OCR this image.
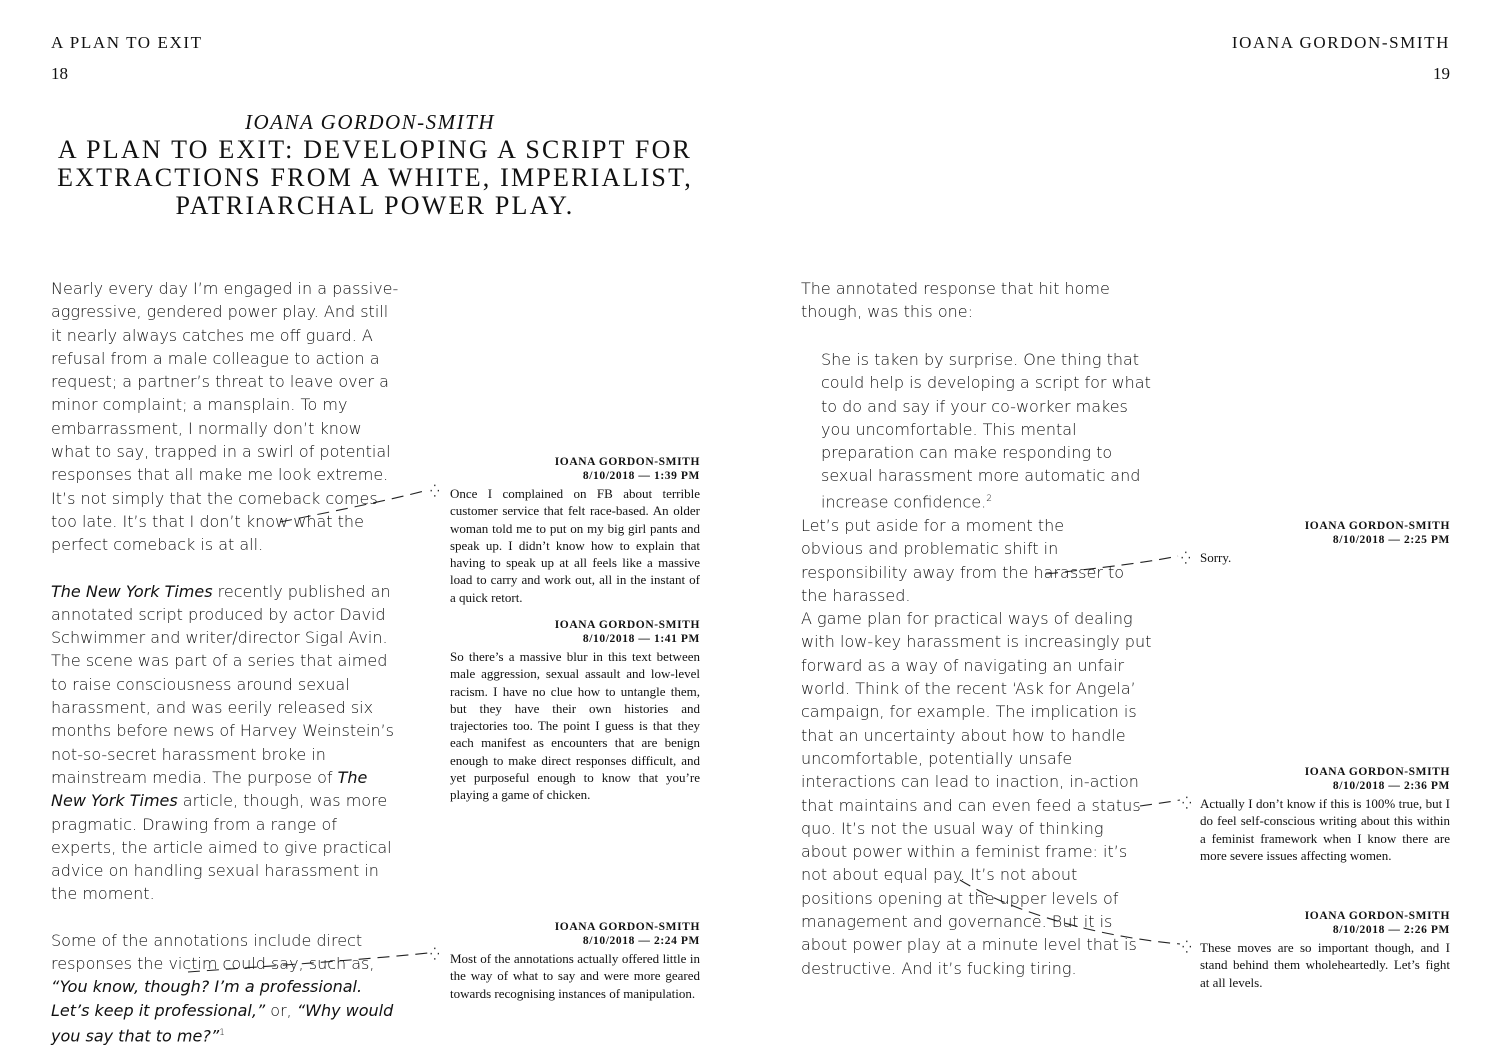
A PLAN TO EXIT
18
IOANA GORDON-SMITH
A PLAN TO EXIT: DEVELOPING A SCRIPT FOR
EXTRACTIONS FROM A WHITE, IMPERIALIST,
PATRIARCHAL POWER PLAY.

Nearly every day I’m engaged in a passive-aggressive, gendered power play. And still it nearly always catches me off guard. A refusal from a male colleague to action a request; a partner’s threat to leave over a minor complaint; a mansplain. To my embarrassment, I normally don’t know what to say, trapped in a swirl of potential responses that all make me look extreme. It’s not simply that the comeback comes too late. It’s that I don’t know what the perfect comeback is at all.

The New York Times recently published an annotated script produced by actor David Schwimmer and writer/director Sigal Avin. The scene was part of a series that aimed to raise consciousness around sexual harassment, and was eerily released six months before news of Harvey Weinstein’s not-so-secret harassment broke in mainstream media. The purpose of The New York Times article, though, was more pragmatic. Drawing from a range of experts, the article aimed to give practical advice on handling sexual harassment in the moment.

Some of the annotations include direct responses the victim could say, such as, “You know, though? I’m a professional. Let’s keep it professional,” or, “Why would you say that to me?”$^1$

IOANA GORDON-SMITH
8/10/2018 — 1:39 PM
Once I complained on FB about terrible customer service that felt race-based. An older woman told me to put on my big girl pants and speak up. I didn’t know how to explain that having to speak up at all feels like a massive load to carry and work out, all in the instant of a quick retort.
⁛
IOANA GORDON-SMITH
8/10/2018 — 1:41 PM
So there’s a massive blur in this text between male aggression, sexual assault and low-level racism. I have no clue how to untangle them, but they have their own histories and trajectories too. The point I guess is that they each manifest as encounters that are benign enough to make direct responses difficult, and yet purposeful enough to know that you’re playing a game of chicken.
IOANA GORDON-SMITH
8/10/2018 — 2:24 PM
Most of the annotations actually offered little in the way of what to say and were more geared towards recognising instances of manipulation.
⁛
IOANA GORDON-SMITH
19
The annotated response that hit home though, was this one:
She is taken by surprise. One thing that could help is developing a script for what to do and say if your co-worker makes you uncomfortable. This mental preparation can make responding to sexual harassment more automatic and increase confidence.$^2$
Let’s put aside for a moment the obvious and problematic shift in responsibility away from the harasser to the harassed.
A game plan for practical ways of dealing with low-key harassment is increasingly put forward as a way of navigating an unfair world. Think of the recent ‘Ask for Angela’ campaign, for example. The implication is that an uncertainty about how to handle uncomfortable, potentially unsafe interactions can lead to inaction, in-action that maintains and can even feed a status quo. It’s not the usual way of thinking about power within a feminist frame: it’s not about equal pay. It’s not about positions opening at the upper levels of management and governance. But it is about power play at a minute level that is destructive. And it’s fucking tiring.
IOANA GORDON-SMITH
8/10/2018 — 2:25 PM
Sorry.
⁛
IOANA GORDON-SMITH
8/10/2018 — 2:36 PM
Actually I don’t know if this is 100% true, but I do feel self-conscious writing about this within a feminist framework when I know there are more severe issues affecting women.
⁛
IOANA GORDON-SMITH
8/10/2018 — 2:26 PM
These moves are so important though, and I stand behind them wholeheartedly. Let’s fight at all levels.
⁛
